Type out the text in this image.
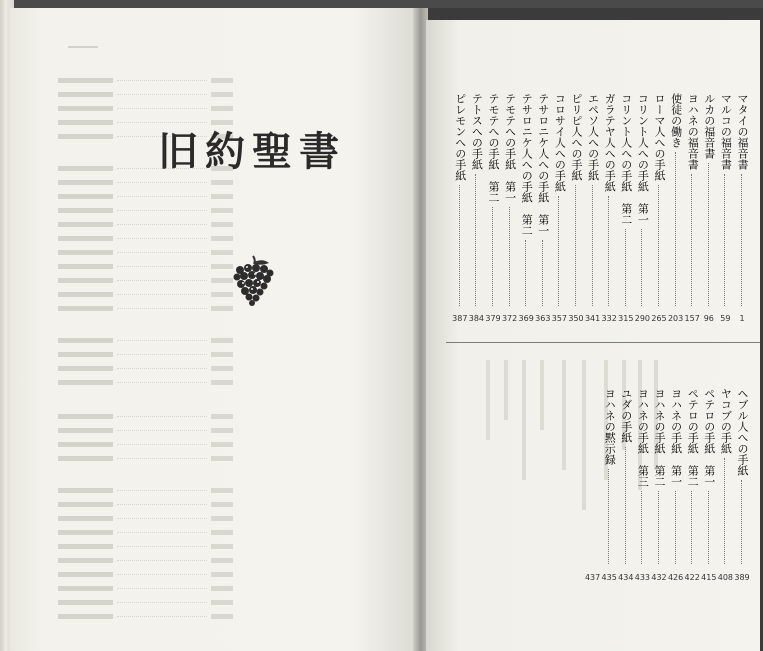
旧約聖書	マタイの福音書
1
マルコの福音書
59
ルカの福音書
96
ヨハネの福音書
157
使徒の働き
203
ローマ人への手紙
265
コリント人への手紙　第一
290
コリント人への手紙　第二
315
ガラテヤ人への手紙
332
エペソ人への手紙
341
ピリピ人への手紙
350
コロサイ人への手紙
357
テサロニケ人への手紙　第一
363
テサロニケ人への手紙　第二
369
テモテへの手紙　第一
372
テモテへの手紙　第二
379
テトスへの手紙
384
ピレモンへの手紙
387
ヘブル人への手紙
389
ヤコブの手紙
408
ペテロの手紙　第一
415
ペテロの手紙　第二
422
ヨハネの手紙　第一
426
ヨハネの手紙　第二
432
ヨハネの手紙　第三
433
ユダの手紙
434
ヨハネの黙示録
435
437
